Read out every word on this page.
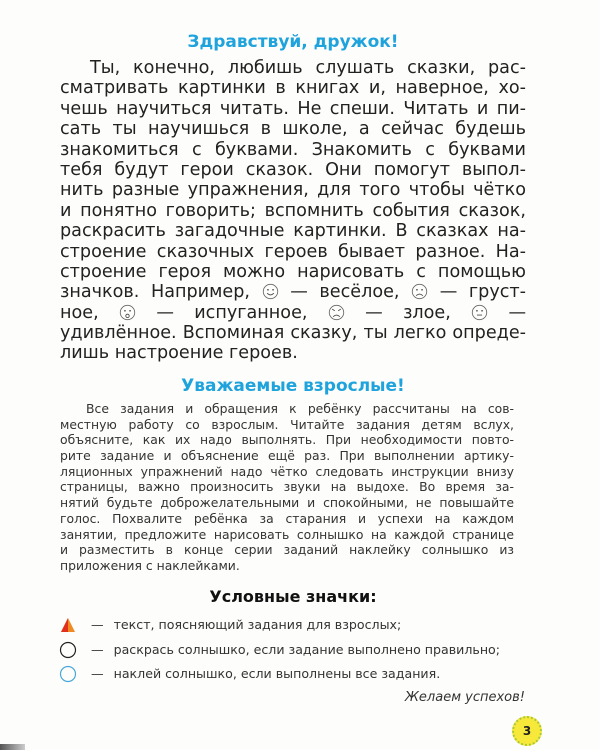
Здравствуй, дружок!
Ты, конечно, любишь слушать сказки, рас-
сматривать картинки в книгах и, наверное, хо-
чешь научиться читать. Не спеши. Читать и пи-
сать ты научишься в школе, а сейчас будешь
знакомиться с буквами. Знакомить с буквами
тебя будут герои сказок. Они помогут выпол-
нить разные упражнения, для того чтобы чётко
и понятно говорить; вспомнить события сказок,
раскрасить загадочные картинки. В сказках на-
строение сказочных героев бывает разное. На-
строение героя можно нарисовать с помощью
значков. Например, — весёлое, — груст-
ное,	— испуганное,	— злое,	—
удивлённое. Вспоминая сказку, ты легко опреде-
лишь настроение героев.
Уважаемые взрослые!
Все задания и обращения к ребёнку рассчитаны на сов-
местную работу со взрослым. Читайте задания детям вслух,
объясните, как их надо выполнять. При необходимости повто-
рите задание и объяснение ещё раз. При выполнении артику-
ляционных упражнений надо чётко следовать инструкции внизу
страницы, важно произносить звуки на выдохе. Во время за-
нятий будьте доброжелательными и спокойными, не повышайте
голос. Похвалите ребёнка за старания и успехи на каждом
занятии, предложите нарисовать солнышко на каждой странице
и разместить в конце серии заданий наклейку солнышко из
приложения с наклейками.
Условные значки:
— текст, поясняющий задания для взрослых;
— раскрась солнышко, если задание выполнено правильно;
— наклей солнышко, если выполнены все задания.
Желаем успехов!
3
